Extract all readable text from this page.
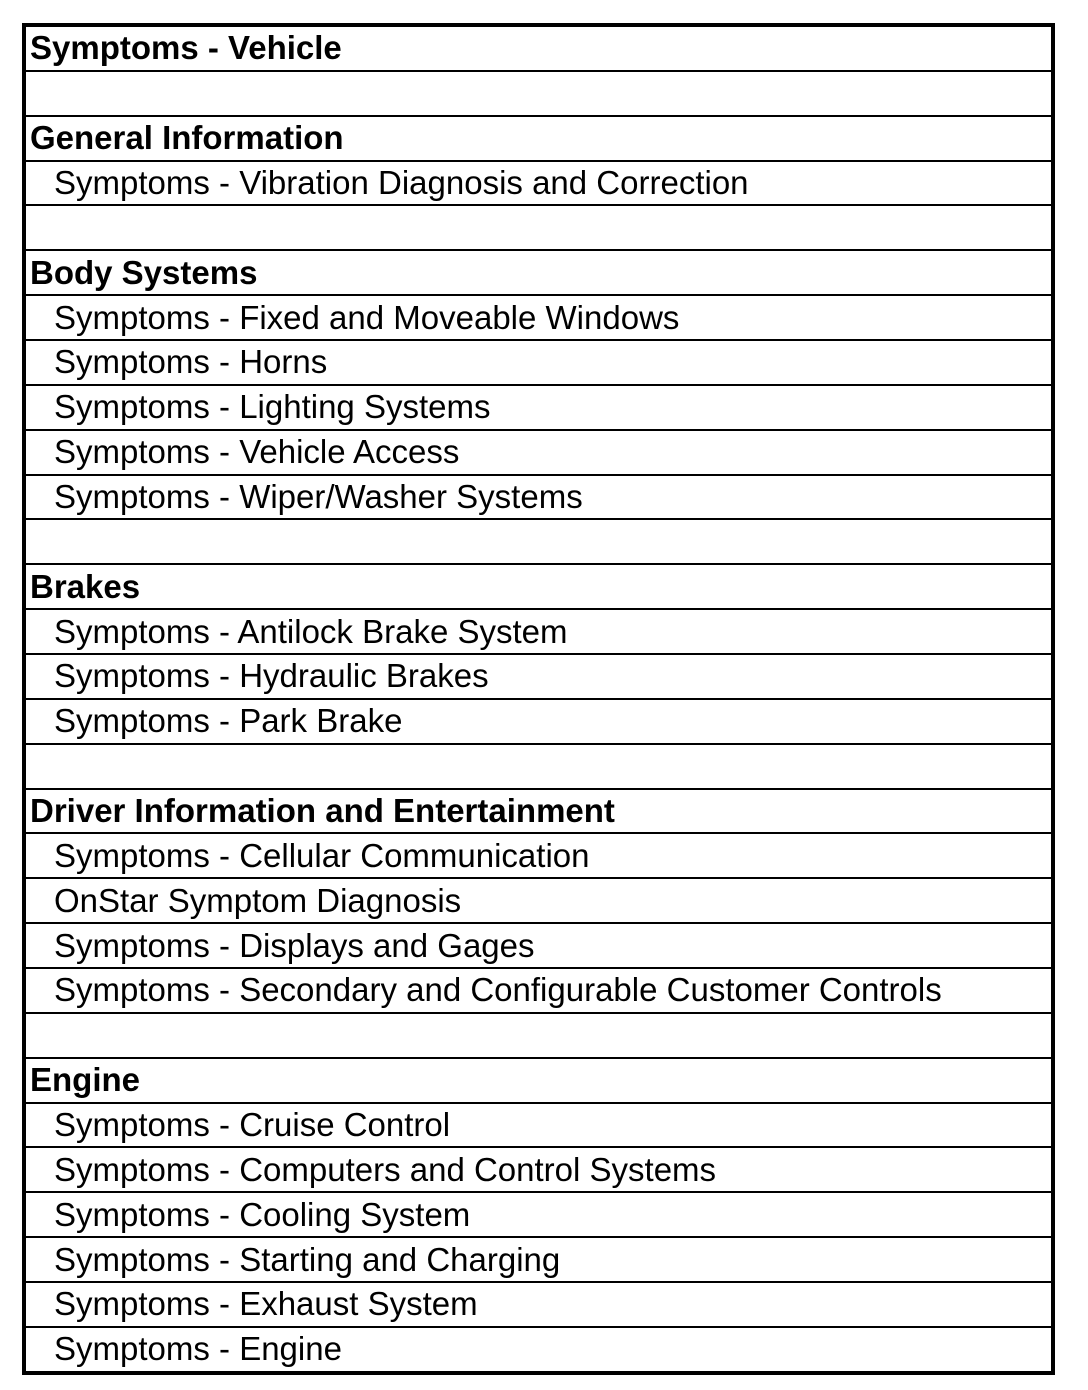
Symptoms - Vehicle
General Information
Symptoms - Vibration Diagnosis and Correction
Body Systems
Symptoms - Fixed and Moveable Windows
Symptoms - Horns
Symptoms - Lighting Systems
Symptoms - Vehicle Access
Symptoms - Wiper/Washer Systems
Brakes
Symptoms - Antilock Brake System
Symptoms - Hydraulic Brakes
Symptoms - Park Brake
Driver Information and Entertainment
Symptoms - Cellular Communication
OnStar Symptom Diagnosis
Symptoms - Displays and Gages
Symptoms - Secondary and Configurable Customer Controls
Engine
Symptoms - Cruise Control
Symptoms - Computers and Control Systems
Symptoms - Cooling System
Symptoms - Starting and Charging
Symptoms - Exhaust System
Symptoms - Engine
